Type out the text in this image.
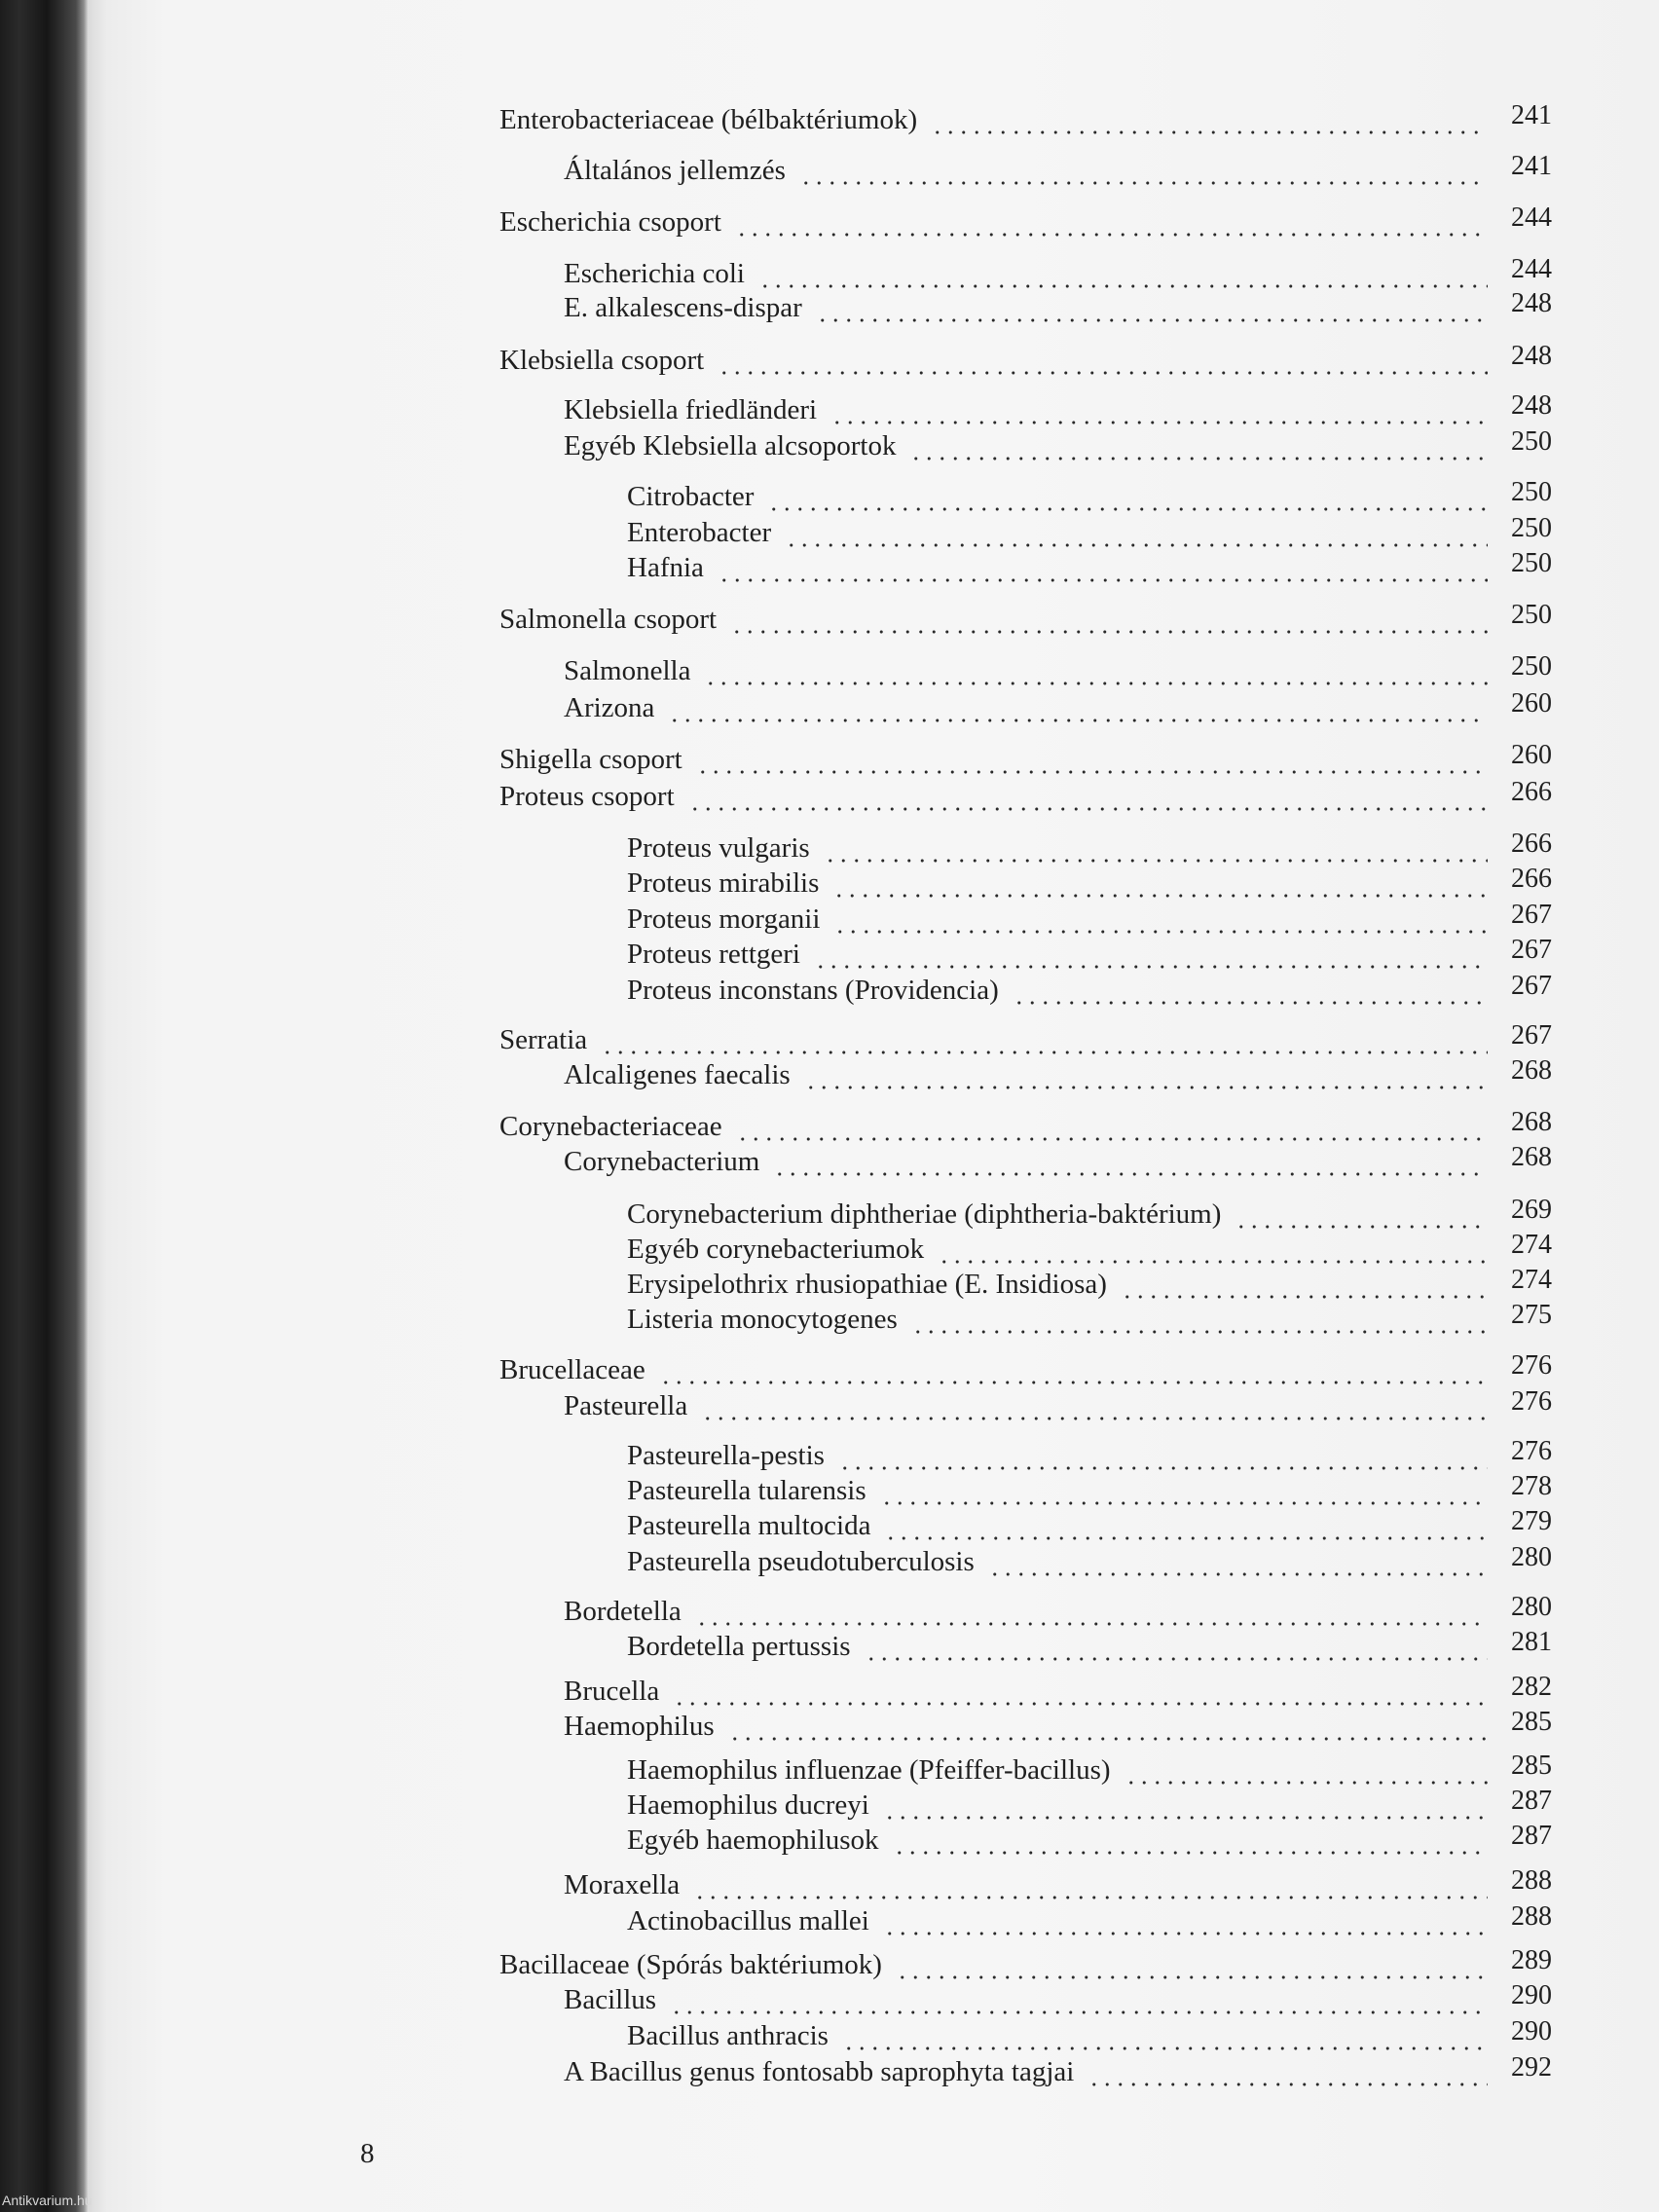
Enterobacteriaceae (bélbaktériumok)	241
Általános jellemzés	241
Escherichia csoport	244
Escherichia coli	244
E. alkalescens-dispar	248
Klebsiella csoport	248
Klebsiella friedländeri	248
Egyéb Klebsiella alcsoportok	250
Citrobacter	250
Enterobacter	250
Hafnia	250
Salmonella csoport	250
Salmonella	250
Arizona	260
Shigella csoport	260
Proteus csoport	266
Proteus vulgaris	266
Proteus mirabilis	266
Proteus morganii	267
Proteus rettgeri	267
Proteus inconstans (Providencia)	267
Serratia	267
Alcaligenes faecalis	268
Corynebacteriaceae	268
Corynebacterium	268
Corynebacterium diphtheriae (diphtheria-baktérium)	269
Egyéb corynebacteriumok	274
Erysipelothrix rhusiopathiae (E. Insidiosa)	274
Listeria monocytogenes	275
Brucellaceae	276
Pasteurella	276
Pasteurella-pestis	276
Pasteurella tularensis	278
Pasteurella multocida	279
Pasteurella pseudotuberculosis	280
Bordetella	280
Bordetella pertussis	281
Brucella	282
Haemophilus	285
Haemophilus influenzae (Pfeiffer-bacillus)	285
Haemophilus ducreyi	287
Egyéb haemophilusok	287
Moraxella	288
Actinobacillus mallei	288
Bacillaceae (Spórás baktériumok)	289
Bacillus	290
Bacillus anthracis	290
A Bacillus genus fontosabb saprophyta tagjai	292
8
Antikvarium.hu
